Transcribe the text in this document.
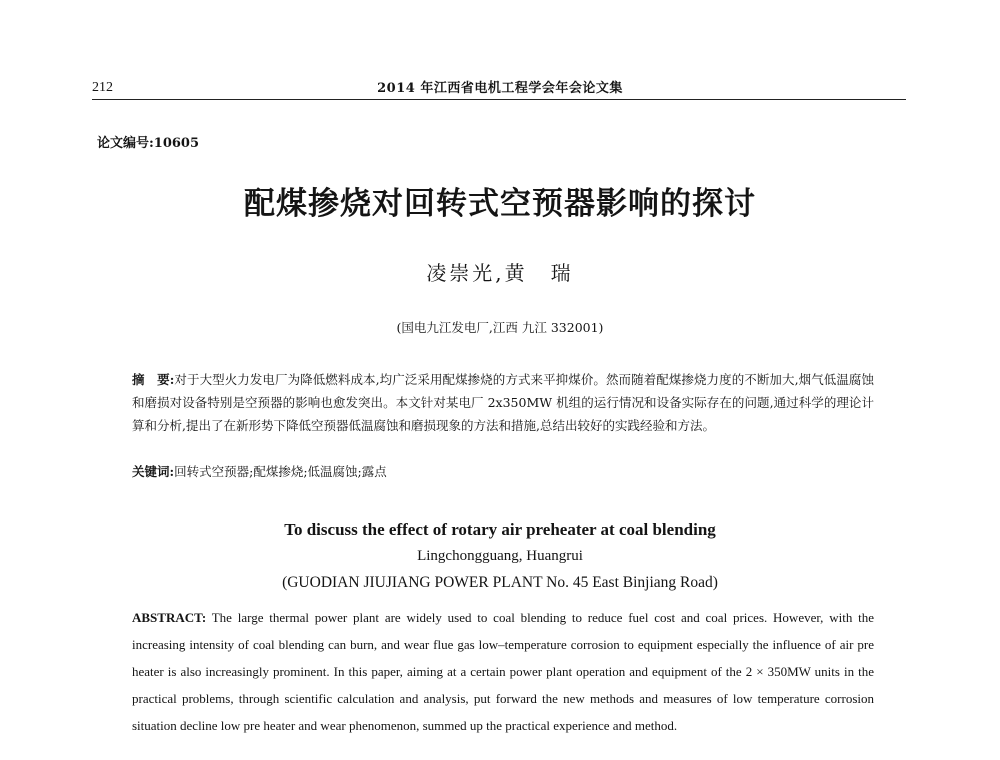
212	2014 年江西省电机工程学会年会论文集
论文编号:10605
配煤掺烧对回转式空预器影响的探讨
凌崇光,黄　瑞
(国电九江发电厂,江西 九江 332001)
摘　要:对于大型火力发电厂为降低燃料成本,均广泛采用配煤掺烧的方式来平抑煤价。然而随着配煤掺烧力度的不断加大,烟气低温腐蚀和磨损对设备特别是空预器的影响也愈发突出。本文针对某电厂 2x350MW 机组的运行情况和设备实际存在的问题,通过科学的理论计算和分析,提出了在新形势下降低空预器低温腐蚀和磨损现象的方法和措施,总结出较好的实践经验和方法。
关键词:回转式空预器;配煤掺烧;低温腐蚀;露点
To discuss the effect of rotary air preheater at coal blending
Lingchongguang, Huangrui
(GUODIAN JIUJIANG POWER PLANT No. 45 East Binjiang Road)
ABSTRACT: The large thermal power plant are widely used to coal blending to reduce fuel cost and coal prices. However, with the increasing intensity of coal blending can burn, and wear flue gas low–temperature corrosion to equipment especially the influence of air pre heater is also increasingly prominent. In this paper, aiming at a certain power plant operation and equipment of the 2 × 350MW units in the practical problems, through scientific calculation and analysis, put forward the new methods and measures of low temperature corrosion situation decline low pre heater and wear phenomenon, summed up the practical experience and method.
